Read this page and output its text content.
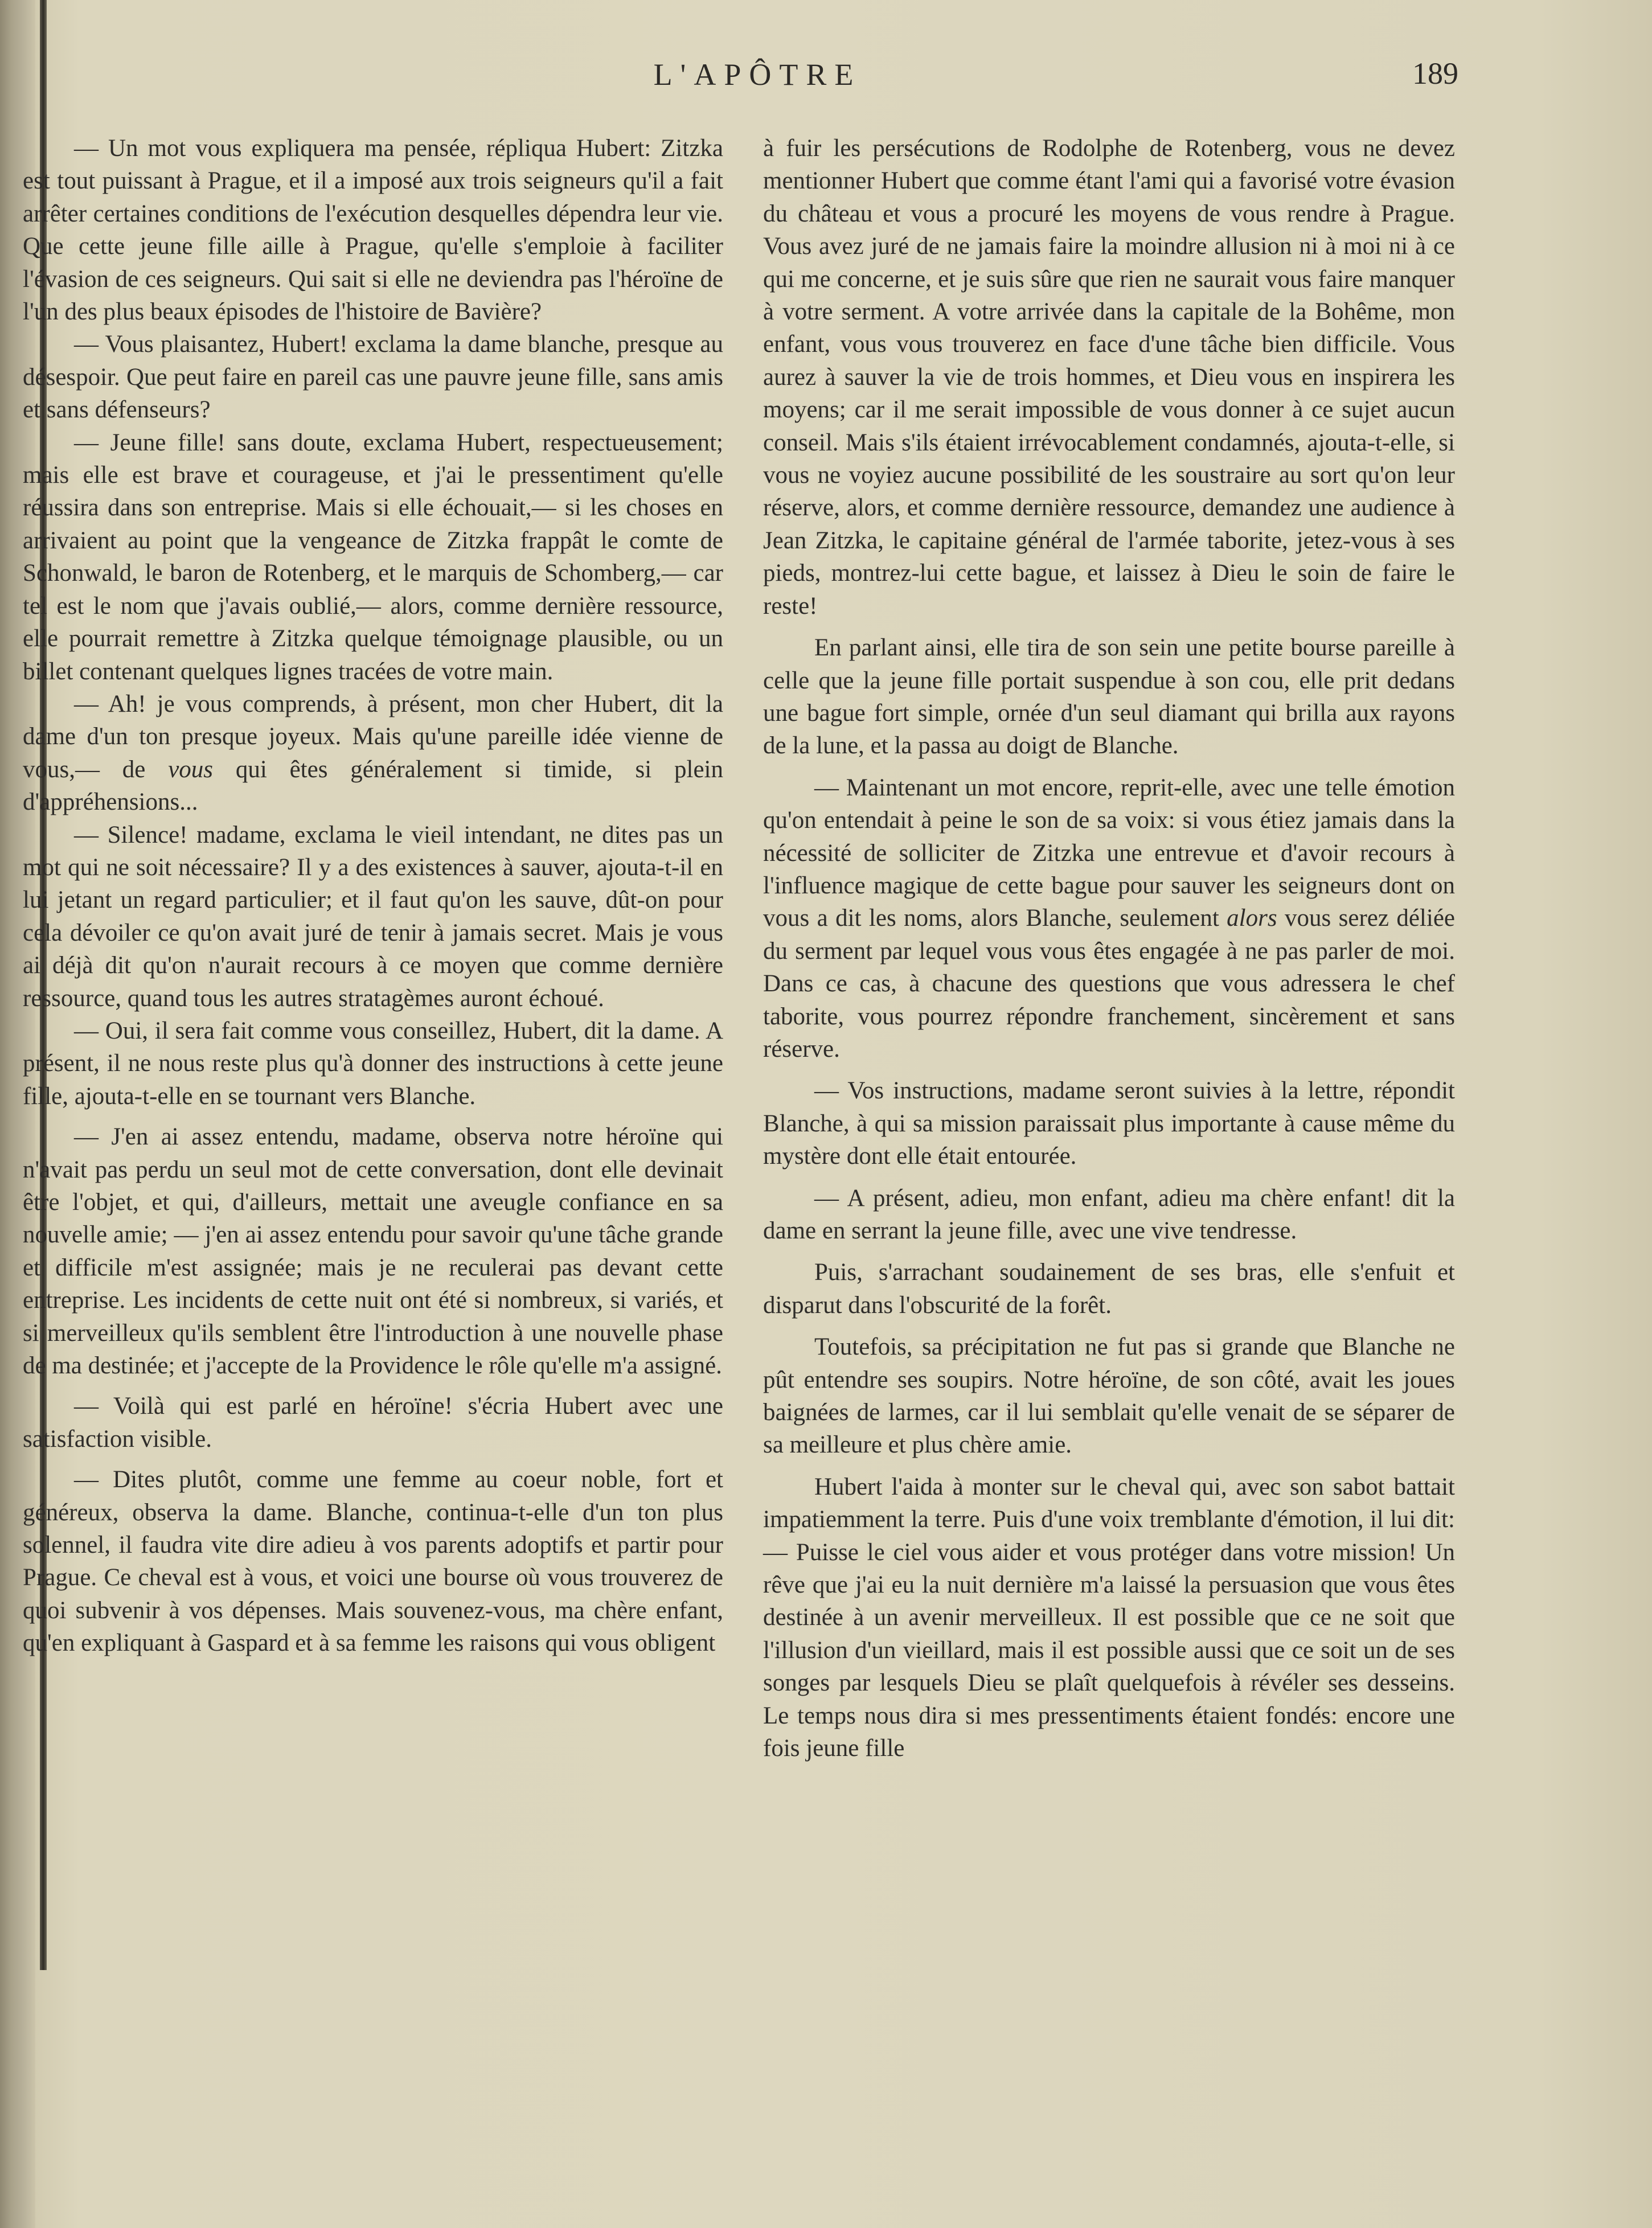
L'APÔTRE	189

— Un mot vous expliquera ma pensée, répliqua Hubert: Zitzka est tout puissant à Prague, et il a imposé aux trois seigneurs qu'il a fait arrêter certaines conditions de l'exécution desquelles dépendra leur vie. Que cette jeune fille aille à Prague, qu'elle s'emploie à faciliter l'évasion de ces seigneurs. Qui sait si elle ne deviendra pas l'héroïne de l'un des plus beaux épisodes de l'histoire de Bavière?

— Vous plaisantez, Hubert! exclama la dame blanche, presque au désespoir. Que peut faire en pareil cas une pauvre jeune fille, sans amis et sans défenseurs?

— Jeune fille! sans doute, exclama Hubert, respectueusement; mais elle est brave et courageuse, et j'ai le pressentiment qu'elle réussira dans son entreprise. Mais si elle échouait,— si les choses en arrivaient au point que la vengeance de Zitzka frappât le comte de Schonwald, le baron de Rotenberg, et le marquis de Schomberg,— car tel est le nom que j'avais oublié,— alors, comme dernière ressource, elle pourrait remettre à Zitzka quelque témoignage plausible, ou un billet contenant quelques lignes tracées de votre main.

— Ah! je vous comprends, à présent, mon cher Hubert, dit la dame d'un ton presque joyeux. Mais qu'une pareille idée vienne de vous,— de vous qui êtes généralement si timide, si plein d'appréhensions...

— Silence! madame, exclama le vieil intendant, ne dites pas un mot qui ne soit nécessaire? Il y a des existences à sauver, ajouta-t-il en lui jetant un regard particulier; et il faut qu'on les sauve, dût-on pour cela dévoiler ce qu'on avait juré de tenir à jamais secret. Mais je vous ai déjà dit qu'on n'aurait recours à ce moyen que comme dernière ressource, quand tous les autres stratagèmes auront échoué.

— Oui, il sera fait comme vous conseillez, Hubert, dit la dame. A présent, il ne nous reste plus qu'à donner des instructions à cette jeune fille, ajouta-t-elle en se tournant vers Blanche.

— J'en ai assez entendu, madame, observa notre héroïne qui n'avait pas perdu un seul mot de cette conversation, dont elle devinait être l'objet, et qui, d'ailleurs, mettait une aveugle confiance en sa nouvelle amie; — j'en ai assez entendu pour savoir qu'une tâche grande et difficile m'est assignée; mais je ne reculerai pas devant cette entreprise. Les incidents de cette nuit ont été si nombreux, si variés, et si merveilleux qu'ils semblent être l'introduction à une nouvelle phase de ma destinée; et j'accepte de la Providence le rôle qu'elle m'a assigné.

— Voilà qui est parlé en héroïne! s'écria Hubert avec une satisfaction visible.

— Dites plutôt, comme une femme au coeur noble, fort et généreux, observa la dame. Blanche, continua-t-elle d'un ton plus solennel, il faudra vite dire adieu à vos parents adoptifs et partir pour Prague. Ce cheval est à vous, et voici une bourse où vous trouverez de quoi subvenir à vos dépenses. Mais souvenez-vous, ma chère enfant, qu'en expliquant à Gaspard et à sa femme les raisons qui vous obligent

à fuir les persécutions de Rodolphe de Rotenberg, vous ne devez mentionner Hubert que comme étant l'ami qui a favorisé votre évasion du château et vous a procuré les moyens de vous rendre à Prague. Vous avez juré de ne jamais faire la moindre allusion ni à moi ni à ce qui me concerne, et je suis sûre que rien ne saurait vous faire manquer à votre serment. A votre arrivée dans la capitale de la Bohême, mon enfant, vous vous trouverez en face d'une tâche bien difficile. Vous aurez à sauver la vie de trois hommes, et Dieu vous en inspirera les moyens; car il me serait impossible de vous donner à ce sujet aucun conseil. Mais s'ils étaient irrévocablement condamnés, ajouta-t-elle, si vous ne voyiez aucune possibilité de les soustraire au sort qu'on leur réserve, alors, et comme dernière ressource, demandez une audience à Jean Zitzka, le capitaine général de l'armée taborite, jetez-vous à ses pieds, montrez-lui cette bague, et laissez à Dieu le soin de faire le reste!

En parlant ainsi, elle tira de son sein une petite bourse pareille à celle que la jeune fille portait suspendue à son cou, elle prit dedans une bague fort simple, ornée d'un seul diamant qui brilla aux rayons de la lune, et la passa au doigt de Blanche.

— Maintenant un mot encore, reprit-elle, avec une telle émotion qu'on entendait à peine le son de sa voix: si vous étiez jamais dans la nécessité de solliciter de Zitzka une entrevue et d'avoir recours à l'influence magique de cette bague pour sauver les seigneurs dont on vous a dit les noms, alors Blanche, seulement alors vous serez déliée du serment par lequel vous vous êtes engagée à ne pas parler de moi. Dans ce cas, à chacune des questions que vous adressera le chef taborite, vous pourrez répondre franchement, sincèrement et sans réserve.

— Vos instructions, madame seront suivies à la lettre, répondit Blanche, à qui sa mission paraissait plus importante à cause même du mystère dont elle était entourée.

— A présent, adieu, mon enfant, adieu ma chère enfant! dit la dame en serrant la jeune fille, avec une vive tendresse.

Puis, s'arrachant soudainement de ses bras, elle s'enfuit et disparut dans l'obscurité de la forêt.

Toutefois, sa précipitation ne fut pas si grande que Blanche ne pût entendre ses soupirs. Notre héroïne, de son côté, avait les joues baignées de larmes, car il lui semblait qu'elle venait de se séparer de sa meilleure et plus chère amie.

Hubert l'aida à monter sur le cheval qui, avec son sabot battait impatiemment la terre. Puis d'une voix tremblante d'émotion, il lui dit: — Puisse le ciel vous aider et vous protéger dans votre mission! Un rêve que j'ai eu la nuit dernière m'a laissé la persuasion que vous êtes destinée à un avenir merveilleux. Il est possible que ce ne soit que l'illusion d'un vieillard, mais il est possible aussi que ce soit un de ses songes par lesquels Dieu se plaît quelquefois à révéler ses desseins. Le temps nous dira si mes pressentiments étaient fondés: encore une fois jeune fille
